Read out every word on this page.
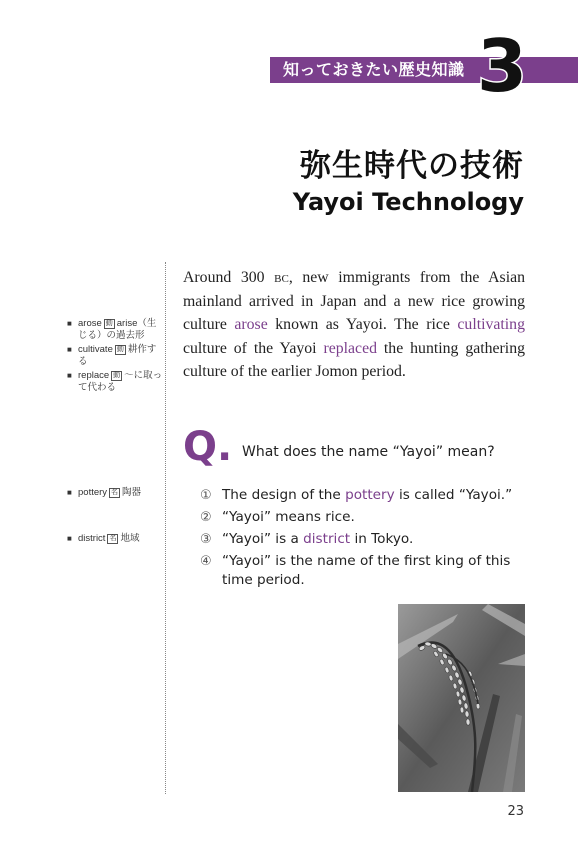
知っておきたい歴史知識 3
弥生時代の技術
Yayoi Technology
■ arose 動 arise（生じる）の過去形
■ cultivate 動 耕作する
■ replace 動 〜に取って代わる
■ pottery 名 陶器
■ district 名 地域
Around 300 bc, new immigrants from the Asian mainland arrived in Japan and a new rice growing culture arose known as Yayoi. The rice cultivating culture of the Yayoi replaced the hunting gathering culture of the earlier Jomon period.
Q. What does the name “Yayoi” mean?
① The design of the pottery is called “Yayoi.”
② “Yayoi” means rice.
③ “Yayoi” is a district in Tokyo.
④ “Yayoi” is the name of the first king of this time period.
23
